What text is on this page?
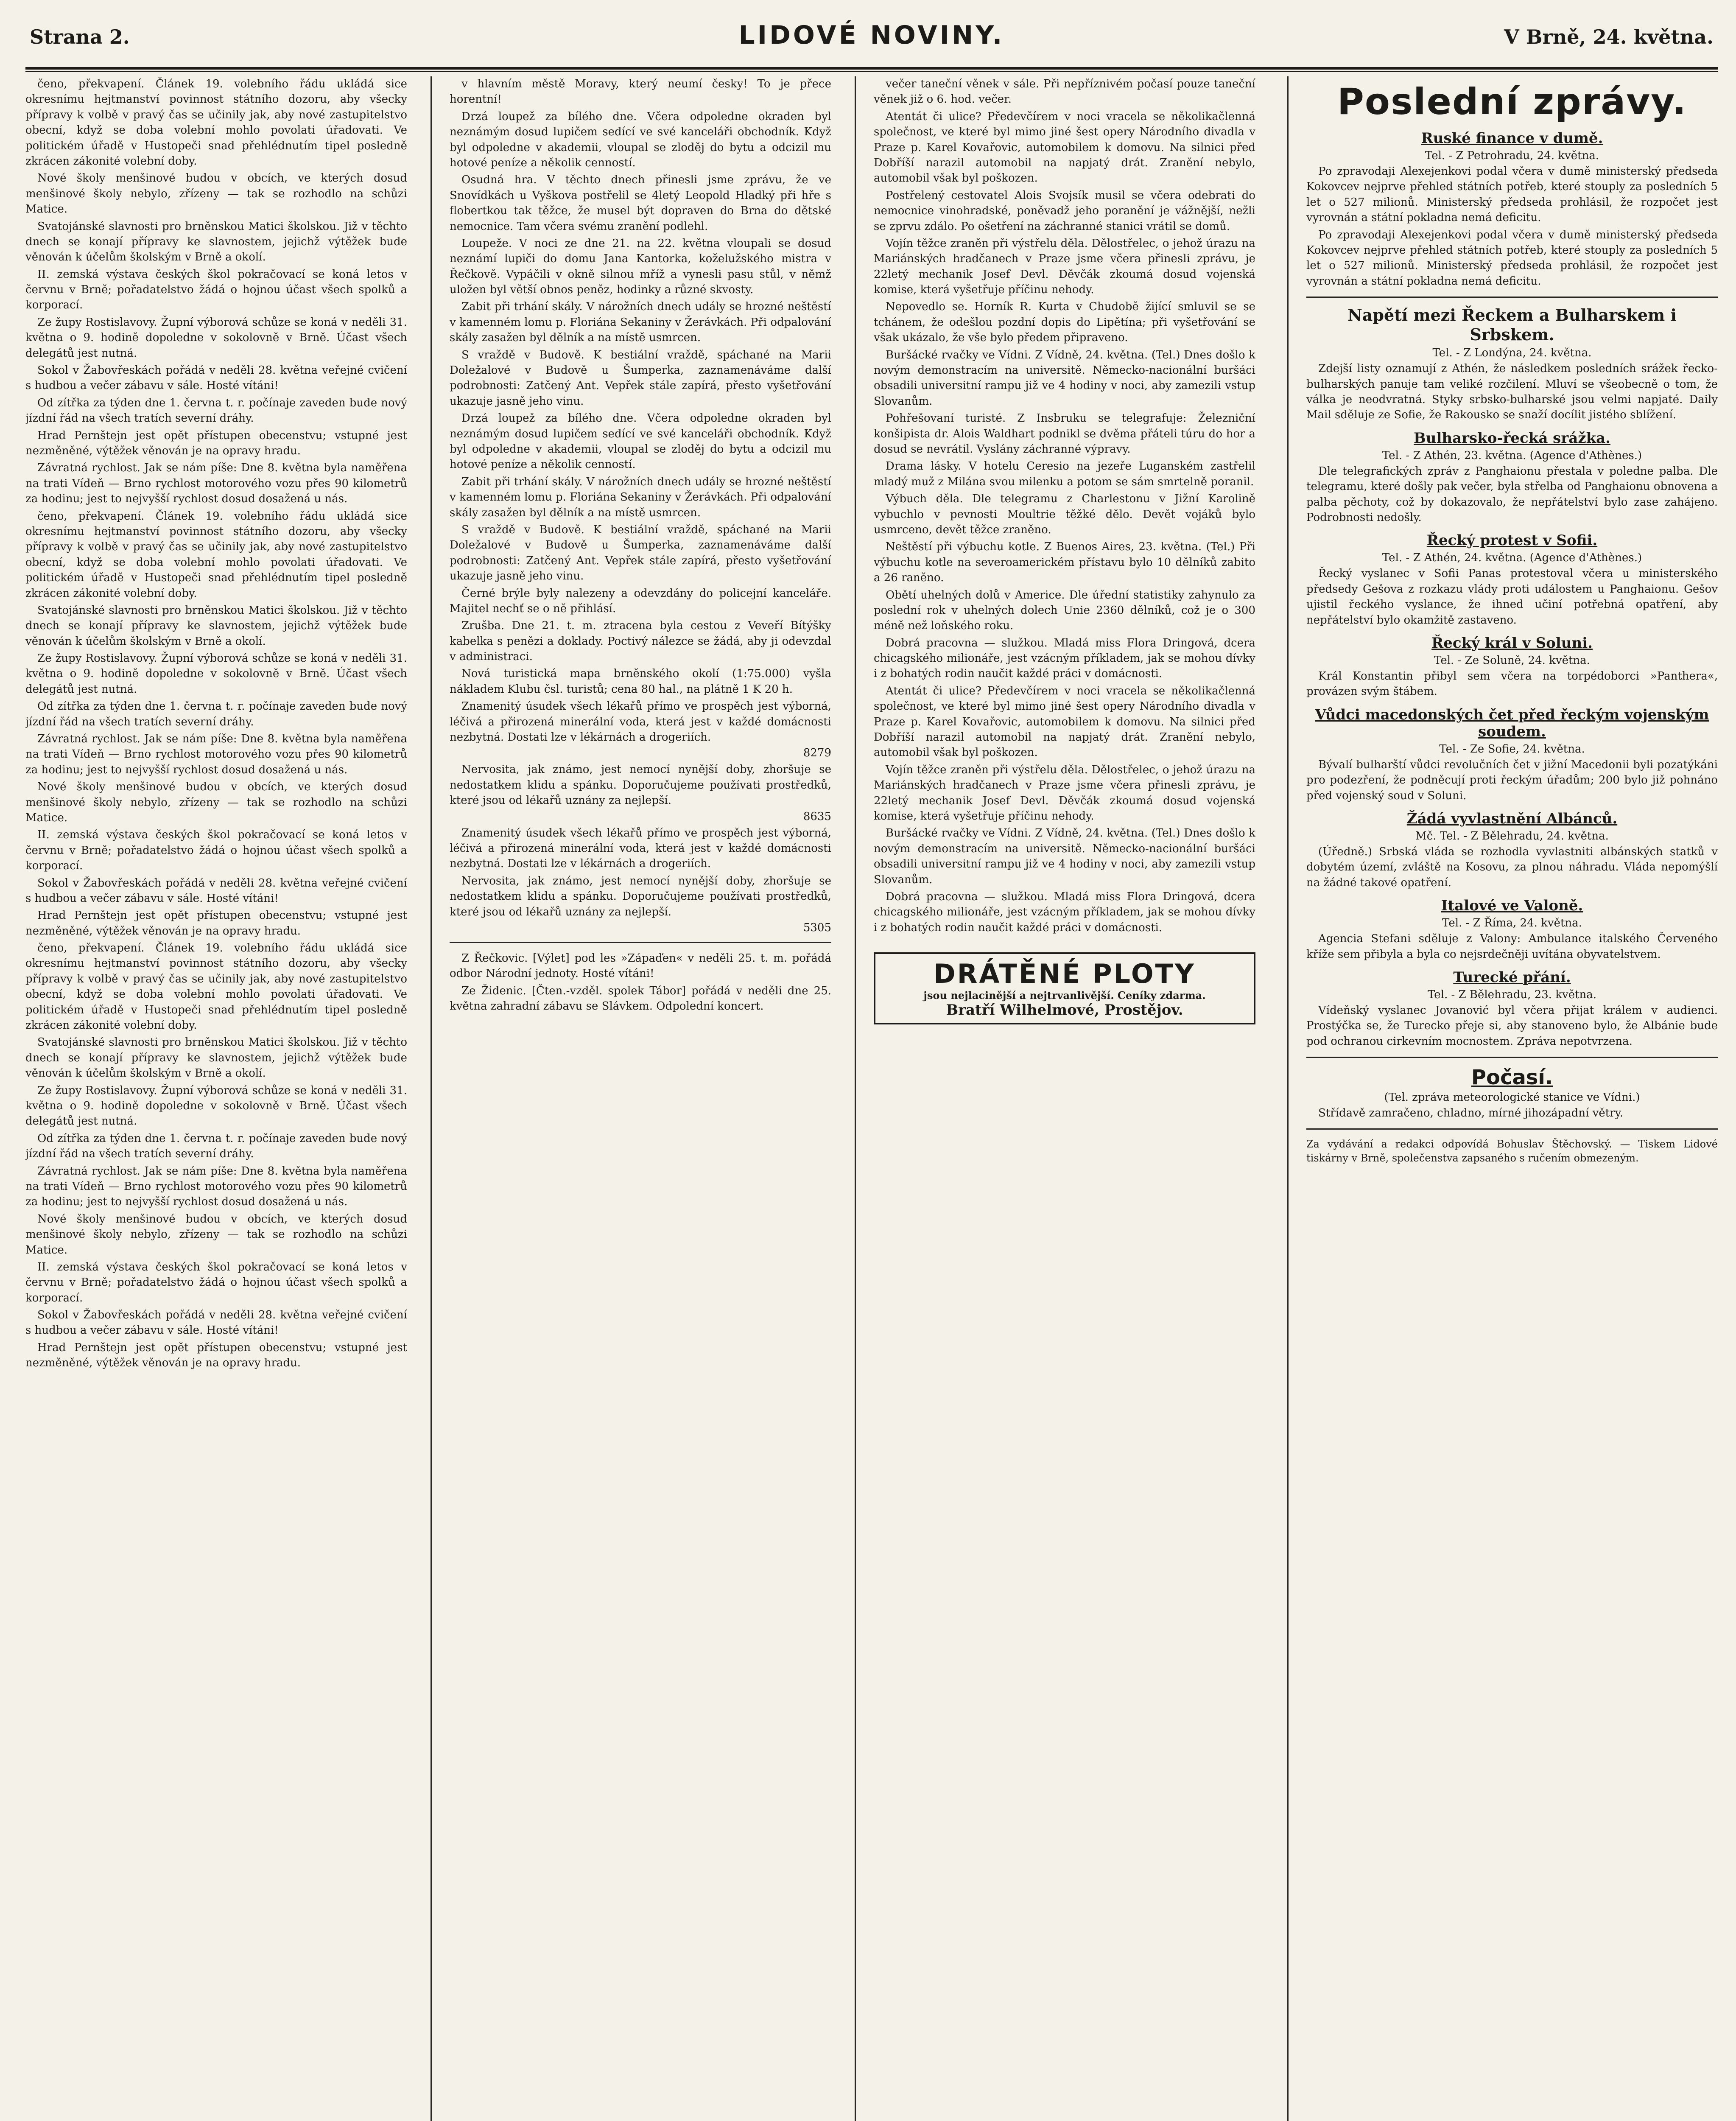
Strana 2.	LIDOVÉ NOVINY.	V Brně, 24. května.

čeno, překvapení. Článek 19. volebního řádu ukládá sice okresnímu hejtmanství povinnost státního dozoru, aby všecky přípravy k volbě v pravý čas se učinily jak, aby nové zastupitelstvo obecní, když se doba volební mohlo povolati úřadovati. Ve politickém úřadě v Hustopeči snad přehlédnutím tipel posledně zkrácen zákonité volební doby.

Nové školy menšinové budou v obcích, ve kterých dosud menšinové školy nebylo, zřízeny — tak se rozhodlo na schůzi Matice.

Svatojánské slavnosti pro brněnskou Matici školskou. Již v těchto dnech se konají přípravy ke slavnostem, jejichž výtěžek bude věnován k účelům školským v Brně a okolí.

II. zemská výstava českých škol pokračovací se koná letos v červnu v Brně; pořadatelstvo žádá o hojnou účast všech spolků a korporací.

Ze župy Rostislavovy. Župní výborová schůze se koná v neděli 31. května o 9. hodině dopoledne v sokolovně v Brně. Účast všech delegátů jest nutná.

Sokol v Žabovřeskách pořádá v neděli 28. května veřejné cvičení s hudbou a večer zábavu v sále. Hosté vítáni!

Od zítřka za týden dne 1. června t. r. počínaje zaveden bude nový jízdní řád na všech tratích severní dráhy.

Hrad Pernštejn jest opět přístupen obecenstvu; vstupné jest nezměněné, výtěžek věnován je na opravy hradu.

Závratná rychlost. Jak se nám píše: Dne 8. května byla naměřena na trati Vídeň — Brno rychlost motorového vozu přes 90 kilometrů za hodinu; jest to nejvyšší rychlost dosud dosažená u nás.

čeno, překvapení. Článek 19. volebního řádu ukládá sice okresnímu hejtmanství povinnost státního dozoru, aby všecky přípravy k volbě v pravý čas se učinily jak, aby nové zastupitelstvo obecní, když se doba volební mohlo povolati úřadovati. Ve politickém úřadě v Hustopeči snad přehlédnutím tipel posledně zkrácen zákonité volební doby.

Svatojánské slavnosti pro brněnskou Matici školskou. Již v těchto dnech se konají přípravy ke slavnostem, jejichž výtěžek bude věnován k účelům školským v Brně a okolí.

Ze župy Rostislavovy. Župní výborová schůze se koná v neděli 31. května o 9. hodině dopoledne v sokolovně v Brně. Účast všech delegátů jest nutná.

Od zítřka za týden dne 1. června t. r. počínaje zaveden bude nový jízdní řád na všech tratích severní dráhy.

Závratná rychlost. Jak se nám píše: Dne 8. května byla naměřena na trati Vídeň — Brno rychlost motorového vozu přes 90 kilometrů za hodinu; jest to nejvyšší rychlost dosud dosažená u nás.

Nové školy menšinové budou v obcích, ve kterých dosud menšinové školy nebylo, zřízeny — tak se rozhodlo na schůzi Matice.

II. zemská výstava českých škol pokračovací se koná letos v červnu v Brně; pořadatelstvo žádá o hojnou účast všech spolků a korporací.

Sokol v Žabovřeskách pořádá v neděli 28. května veřejné cvičení s hudbou a večer zábavu v sále. Hosté vítáni!

Hrad Pernštejn jest opět přístupen obecenstvu; vstupné jest nezměněné, výtěžek věnován je na opravy hradu.

čeno, překvapení. Článek 19. volebního řádu ukládá sice okresnímu hejtmanství povinnost státního dozoru, aby všecky přípravy k volbě v pravý čas se učinily jak, aby nové zastupitelstvo obecní, když se doba volební mohlo povolati úřadovati. Ve politickém úřadě v Hustopeči snad přehlédnutím tipel posledně zkrácen zákonité volební doby.

Svatojánské slavnosti pro brněnskou Matici školskou. Již v těchto dnech se konají přípravy ke slavnostem, jejichž výtěžek bude věnován k účelům školským v Brně a okolí.

Ze župy Rostislavovy. Župní výborová schůze se koná v neděli 31. května o 9. hodině dopoledne v sokolovně v Brně. Účast všech delegátů jest nutná.

Od zítřka za týden dne 1. června t. r. počínaje zaveden bude nový jízdní řád na všech tratích severní dráhy.

Závratná rychlost. Jak se nám píše: Dne 8. května byla naměřena na trati Vídeň — Brno rychlost motorového vozu přes 90 kilometrů za hodinu; jest to nejvyšší rychlost dosud dosažená u nás.

Nové školy menšinové budou v obcích, ve kterých dosud menšinové školy nebylo, zřízeny — tak se rozhodlo na schůzi Matice.

II. zemská výstava českých škol pokračovací se koná letos v červnu v Brně; pořadatelstvo žádá o hojnou účast všech spolků a korporací.

Sokol v Žabovřeskách pořádá v neděli 28. května veřejné cvičení s hudbou a večer zábavu v sále. Hosté vítáni!

Hrad Pernštejn jest opět přístupen obecenstvu; vstupné jest nezměněné, výtěžek věnován je na opravy hradu.

v hlavním městě Moravy, který neumí česky! To je přece horentní!

Drzá loupež za bílého dne. Včera odpoledne okraden byl neznámým dosud lupičem sedící ve své kanceláři obchodník. Když byl odpoledne v akademii, vloupal se zloděj do bytu a odcizil mu hotové peníze a několik cenností.

Osudná hra. V těchto dnech přinesli jsme zprávu, že ve Snovídkách u Vyškova postřelil se 4letý Leopold Hladký při hře s flobertkou tak těžce, že musel být dopraven do Brna do dětské nemocnice. Tam včera svému zranění podlehl.

Loupeže. V noci ze dne 21. na 22. května vloupali se dosud neznámí lupiči do domu Jana Kantorka, koželužského mistra v Řečkově. Vypáčili v okně silnou mříž a vynesli pasu stůl, v němž uložen byl větší obnos peněz, hodinky a různé skvosty.

Zabit při trhání skály. V nárožních dnech udály se hrozné neštěstí v kamenném lomu p. Floriána Sekaniny v Žerávkách. Při odpalování skály zasažen byl dělník a na místě usmrcen.

S vraždě v Budově. K bestiální vraždě, spáchané na Marii Doležalové v Budově u Šumperka, zaznamenáváme další podrobnosti: Zatčený Ant. Vepřek stále zapírá, přesto vyšetřování ukazuje jasně jeho vinu.

Drzá loupež za bílého dne. Včera odpoledne okraden byl neznámým dosud lupičem sedící ve své kanceláři obchodník. Když byl odpoledne v akademii, vloupal se zloděj do bytu a odcizil mu hotové peníze a několik cenností.

Zabit při trhání skály. V nárožních dnech udály se hrozné neštěstí v kamenném lomu p. Floriána Sekaniny v Žerávkách. Při odpalování skály zasažen byl dělník a na místě usmrcen.

S vraždě v Budově. K bestiální vraždě, spáchané na Marii Doležalové v Budově u Šumperka, zaznamenáváme další podrobnosti: Zatčený Ant. Vepřek stále zapírá, přesto vyšetřování ukazuje jasně jeho vinu.

Černé brýle byly nalezeny a odevzdány do policejní kanceláře. Majitel nechť se o ně přihlásí.

Zrušba. Dne 21. t. m. ztracena byla cestou z Veveří Bítýšky kabelka s penězi a doklady. Poctivý nálezce se žádá, aby ji odevzdal v administraci.

Nová turistická mapa brněnského okolí (1:75.000) vyšla nákladem Klubu čsl. turistů; cena 80 hal., na plátně 1 K 20 h.

Znamenitý úsudek všech lékařů přímo ve prospěch jest výborná, léčivá a přirozená minerální voda, která jest v každé domácnosti nezbytná. Dostati lze v lékárnách a drogeriích.

8279

Nervosita, jak známo, jest nemocí nynější doby, zhoršuje se nedostatkem klidu a spánku. Doporučujeme používati prostředků, které jsou od lékařů uznány za nejlepší.

8635

Znamenitý úsudek všech lékařů přímo ve prospěch jest výborná, léčivá a přirozená minerální voda, která jest v každé domácnosti nezbytná. Dostati lze v lékárnách a drogeriích.

Nervosita, jak známo, jest nemocí nynější doby, zhoršuje se nedostatkem klidu a spánku. Doporučujeme používati prostředků, které jsou od lékařů uznány za nejlepší.

5305

Z Řečkovic. [Výlet] pod les »Zápaďen« v neděli 25. t. m. pořádá odbor Národní jednoty. Hosté vítáni!

Ze Židenic. [Čten.-vzděl. spolek Tábor] pořádá v neděli dne 25. května zahradní zábavu se Slávkem. Odpolední koncert.

večer taneční věnek v sále. Při nepříznivém počasí pouze taneční věnek již o 6. hod. večer.

Atentát či ulice? Předevčírem v noci vracela se několikačlenná společnost, ve které byl mimo jiné šest opery Národního divadla v Praze p. Karel Kovařovic, automobilem k domovu. Na silnici před Dobříší narazil automobil na napjatý drát. Zranění nebylo, automobil však byl poškozen.

Postřelený cestovatel Alois Svojsík musil se včera odebrati do nemocnice vinohradské, poněvadž jeho poranění je vážnější, nežli se zprvu zdálo. Po ošetření na záchranné stanici vrátil se domů.

Vojín těžce zraněn při výstřelu děla. Dělostřelec, o jehož úrazu na Mariánských hradčanech v Praze jsme včera přinesli zprávu, je 22letý mechanik Josef Devl. Děvčák zkoumá dosud vojenská komise, která vyšetřuje příčinu nehody.

Nepovedlo se. Horník R. Kurta v Chudobě žijící smluvil se se tchánem, že odešlou pozdní dopis do Lipětína; při vyšetřování se však ukázalo, že vše bylo předem připraveno.

Buršácké rvačky ve Vídni. Z Vídně, 24. května. (Tel.) Dnes došlo k novým demonstracím na universitě. Německo-nacionální buršáci obsadili universitní rampu již ve 4 hodiny v noci, aby zamezili vstup Slovanům.

Pohřešovaní turisté. Z Insbruku se telegrafuje: Železniční konšipista dr. Alois Waldhart podnikl se dvěma přáteli túru do hor a dosud se nevrátil. Vyslány záchranné výpravy.

Drama lásky. V hotelu Ceresio na jezeře Luganském zastřelil mladý muž z Milána svou milenku a potom se sám smrtelně poranil.

Výbuch děla. Dle telegramu z Charlestonu v Jižní Karolině vybuchlo v pevnosti Moultrie těžké dělo. Devět vojáků bylo usmrceno, devět těžce zraněno.

Neštěstí při výbuchu kotle. Z Buenos Aires, 23. května. (Tel.) Při výbuchu kotle na severoamerickém přístavu bylo 10 dělníků zabito a 26 raněno.

Obětí uhelných dolů v Americe. Dle úřední statistiky zahynulo za poslední rok v uhelných dolech Unie 2360 dělníků, což je o 300 méně než loňského roku.

Dobrá pracovna — služkou. Mladá miss Flora Dringová, dcera chicagského milionáře, jest vzácným příkladem, jak se mohou dívky i z bohatých rodin naučit každé práci v domácnosti.

Atentát či ulice? Předevčírem v noci vracela se několikačlenná společnost, ve které byl mimo jiné šest opery Národního divadla v Praze p. Karel Kovařovic, automobilem k domovu. Na silnici před Dobříší narazil automobil na napjatý drát. Zranění nebylo, automobil však byl poškozen.

Vojín těžce zraněn při výstřelu děla. Dělostřelec, o jehož úrazu na Mariánských hradčanech v Praze jsme včera přinesli zprávu, je 22letý mechanik Josef Devl. Děvčák zkoumá dosud vojenská komise, která vyšetřuje příčinu nehody.

Buršácké rvačky ve Vídni. Z Vídně, 24. května. (Tel.) Dnes došlo k novým demonstracím na universitě. Německo-nacionální buršáci obsadili universitní rampu již ve 4 hodiny v noci, aby zamezili vstup Slovanům.

Dobrá pracovna — služkou. Mladá miss Flora Dringová, dcera chicagského milionáře, jest vzácným příkladem, jak se mohou dívky i z bohatých rodin naučit každé práci v domácnosti.

DRÁTĚNÉ PLOTY
jsou nejlacinější a nejtrvanlivější. Ceníky zdarma.
Bratří Wilhelmové, Prostějov.
Poslední zprávy.
Ruské finance v dumě.
Tel. - Z Petrohradu, 24. května.

Po zpravodaji Alexejenkovi podal včera v dumě ministerský předseda Kokovcev nejprve přehled státních potřeb, které stouply za posledních 5 let o 527 milionů. Ministerský předseda prohlásil, že rozpočet jest vyrovnán a státní pokladna nemá deficitu.

Po zpravodaji Alexejenkovi podal včera v dumě ministerský předseda Kokovcev nejprve přehled státních potřeb, které stouply za posledních 5 let o 527 milionů. Ministerský předseda prohlásil, že rozpočet jest vyrovnán a státní pokladna nemá deficitu.

Napětí mezi Řeckem a Bulharskem i Srbskem.
Tel. - Z Londýna, 24. května.

Zdejší listy oznamují z Athén, že následkem posledních srážek řecko-bulharských panuje tam veliké rozčilení. Mluví se všeobecně o tom, že válka je neodvratná. Styky srbsko-bulharské jsou velmi napjaté. Daily Mail sděluje ze Sofie, že Rakousko se snaží docílit jistého sblížení.

Bulharsko-řecká srážka.
Tel. - Z Athén, 23. května. (Agence d'Athènes.)

Dle telegrafických zpráv z Panghaionu přestala v poledne palba. Dle telegramu, které došly pak večer, byla střelba od Panghaionu obnovena a palba pěchoty, což by dokazovalo, že nepřátelství bylo zase zahájeno. Podrobnosti nedošly.

Řecký protest v Sofii.
Tel. - Z Athén, 24. května. (Agence d'Athènes.)

Řecký vyslanec v Sofii Panas protestoval včera u ministerského předsedy Gešova z rozkazu vlády proti událostem u Panghaionu. Gešov ujistil řeckého vyslance, že ihned učiní potřebná opatření, aby nepřátelství bylo okamžitě zastaveno.

Řecký král v Soluni.
Tel. - Ze Soluně, 24. května.

Král Konstantin přibyl sem včera na torpédoborci »Panthera«, provázen svým štábem.

Vůdci macedonských čet před řeckým vojenským soudem.
Tel. - Ze Sofie, 24. května.

Bývalí bulharští vůdci revolučních čet v jižní Macedonii byli pozatýkáni pro podezření, že podněcují proti řeckým úřadům; 200 bylo již pohnáno před vojenský soud v Soluni.

Žádá vyvlastnění Albánců.
Mč. Tel. - Z Bělehradu, 24. května.

(Úředně.) Srbská vláda se rozhodla vyvlastniti albánských statků v dobytém území, zvláště na Kosovu, za plnou náhradu. Vláda nepomýšlí na žádné takové opatření.

Italové ve Valoně.
Tel. - Z Říma, 24. května.

Agencia Stefani sděluje z Valony: Ambulance italského Červeného kříže sem přibyla a byla co nejsrdečněji uvítána obyvatelstvem.

Turecké přání.
Tel. - Z Bělehradu, 23. května.

Vídeňský vyslanec Jovanović byl včera přijat králem v audienci. Prostýčka se, že Turecko přeje si, aby stanoveno bylo, že Albánie bude pod ochranou cirkevním mocnostem. Zpráva nepotvrzena.

Počasí.
(Tel. zpráva meteorologické stanice ve Vídni.)

Střídavě zamračeno, chladno, mírné jihozápadní větry.

Za vydávání a redakci odpovídá Bohuslav Štěchovský. — Tiskem Lidové tiskárny v Brně, společenstva zapsaného s ručením obmezeným.
